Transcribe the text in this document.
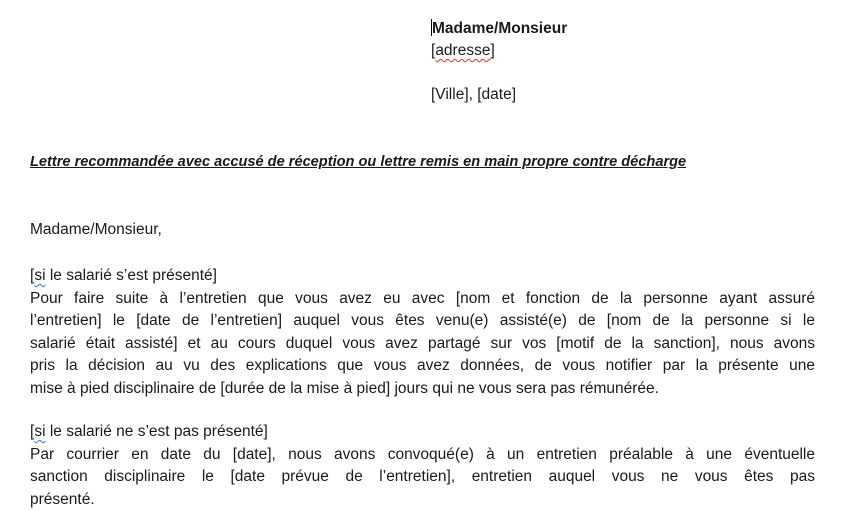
Madame/Monsieur
[adresse]
[Ville], [date]
Lettre recommandée avec accusé de réception ou lettre remis en main propre contre décharge
Madame/Monsieur,
[si le salarié s’est présenté]
Pour faire suite à l’entretien que vous avez eu avec [nom et fonction de la personne ayant assuré
l’entretien] le [date de l’entretien] auquel vous êtes venu(e) assisté(e) de [nom de la personne si le
salarié était assisté] et au cours duquel vous avez partagé sur vos [motif de la sanction], nous avons
pris la décision au vu des explications que vous avez données, de vous notifier par la présente une
mise à pied disciplinaire de [durée de la mise à pied] jours qui ne vous sera pas rémunérée.
[si le salarié ne s’est pas présenté]
Par courrier en date du [date], nous avons convoqué(e) à un entretien préalable à une éventuelle
sanction disciplinaire le [date prévue de l’entretien], entretien auquel vous ne vous êtes pas
présenté.
